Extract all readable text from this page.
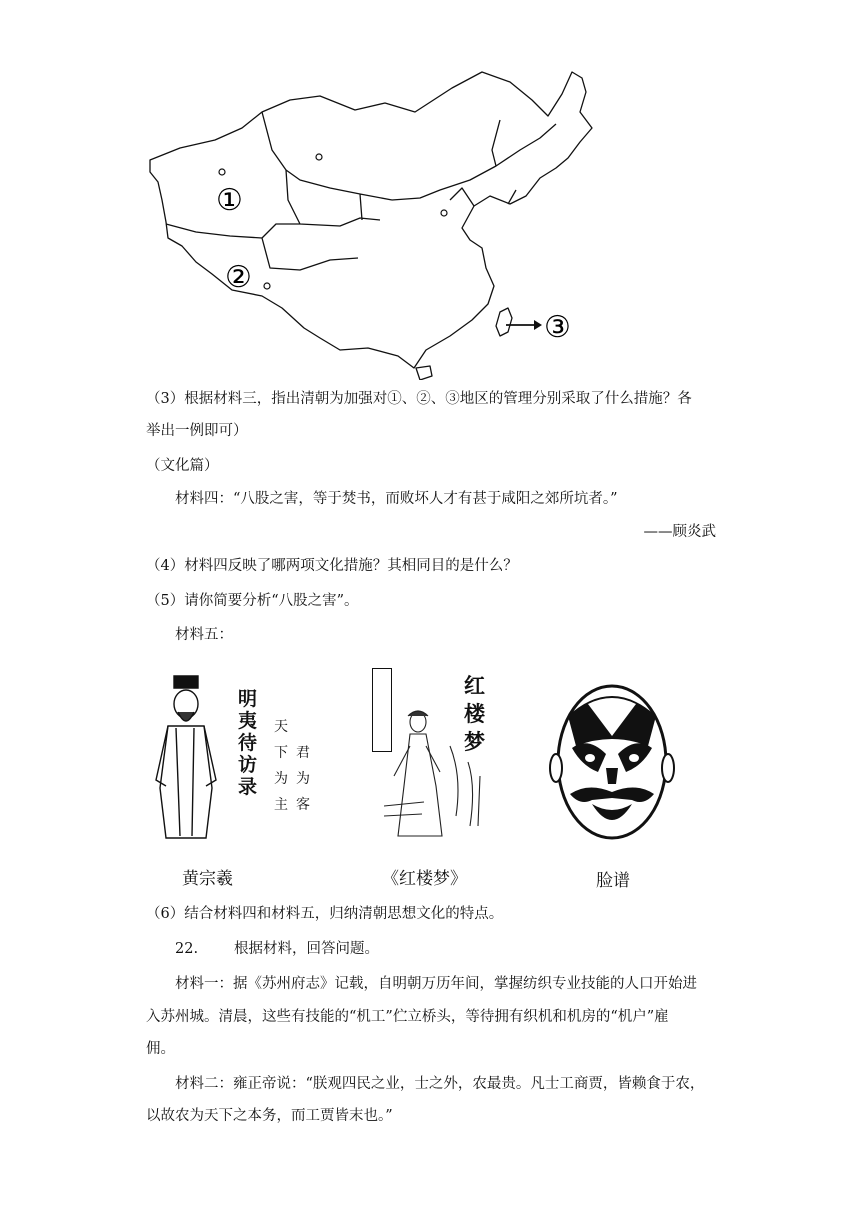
①
②
③
（3）根据材料三，指出清朝为加强对①、②、③地区的管理分别采取了什么措施？各
举出一例即可）
（文化篇）
材料四：“八股之害，等于焚书，而败坏人才有甚于咸阳之郊所坑者。”
——顾炎武
（4）材料四反映了哪两项文化措施？其相同目的是什么？
（5）请你简要分析“八股之害”。
材料五：
明
夷
待
访
录
天
下
为
主
君
为
客
黄宗羲
红
楼
梦
《红楼梦》	脸谱
（6）结合材料四和材料五，归纳清朝思想文化的特点。
22. 根据材料，回答问题。
材料一：据《苏州府志》记载，自明朝万历年间，掌握纺织专业技能的人口开始进
入苏州城。清晨，这些有技能的“机工”伫立桥头，等待拥有织机和机房的“机户”雇
佣。
材料二：雍正帝说：“朕观四民之业，士之外，农最贵。凡士工商贾，皆赖食于农，
以故农为天下之本务，而工贾皆末也。”
